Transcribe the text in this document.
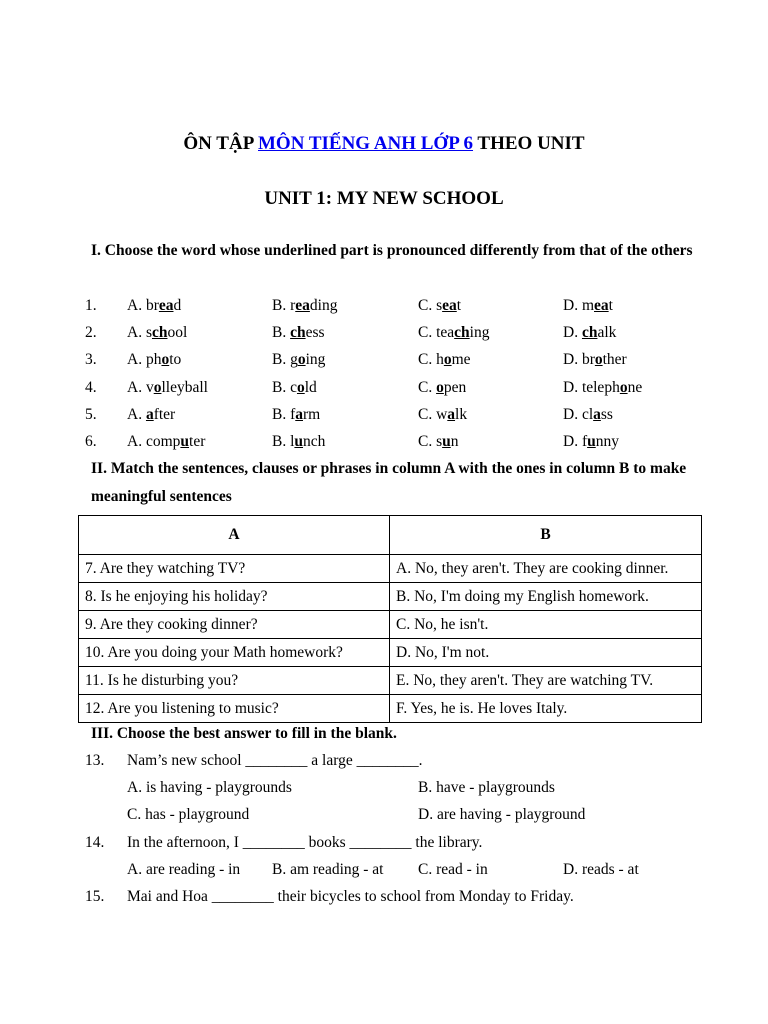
ÔN TẬP MÔN TIẾNG ANH LỚP 6 THEO UNIT
UNIT 1: MY NEW SCHOOL
I. Choose the word whose underlined part is pronounced differently from that of the others
1. A. bread	B. reading	C. seat	D. meat
2. A. school	B. chess	C. teaching	D. chalk
3. A. photo	B. going	C. home	D. brother
4. A. volleyball	B. cold	C. open	D. telephone
5. A. after	B. farm	C. walk	D. class
6. A. computer	B. lunch	C. sun	D. funny
II. Match the sentences, clauses or phrases in column A with the ones in column B to make meaningful sentences
A	B
7. Are they watching TV?	A. No, they aren't. They are cooking dinner.
8. Is he enjoying his holiday?	B. No, I'm doing my English homework.
9. Are they cooking dinner?	C. No, he isn't.
10. Are you doing your Math homework?	D. No, I'm not.
11. Is he disturbing you?	E. No, they aren't. They are watching TV.
12. Are you listening to music?	F. Yes, he is. He loves Italy.
III. Choose the best answer to fill in the blank.
13. Nam’s new school ________ a large ________.
A. is having - playgrounds	B. have - playgrounds
C. has - playground	D. are having - playground
14. In the afternoon, I ________ books ________ the library.
A. are reading - in B. am reading - at C. read - in	D. reads - at
15. Mai and Hoa ________ their bicycles to school from Monday to Friday.
